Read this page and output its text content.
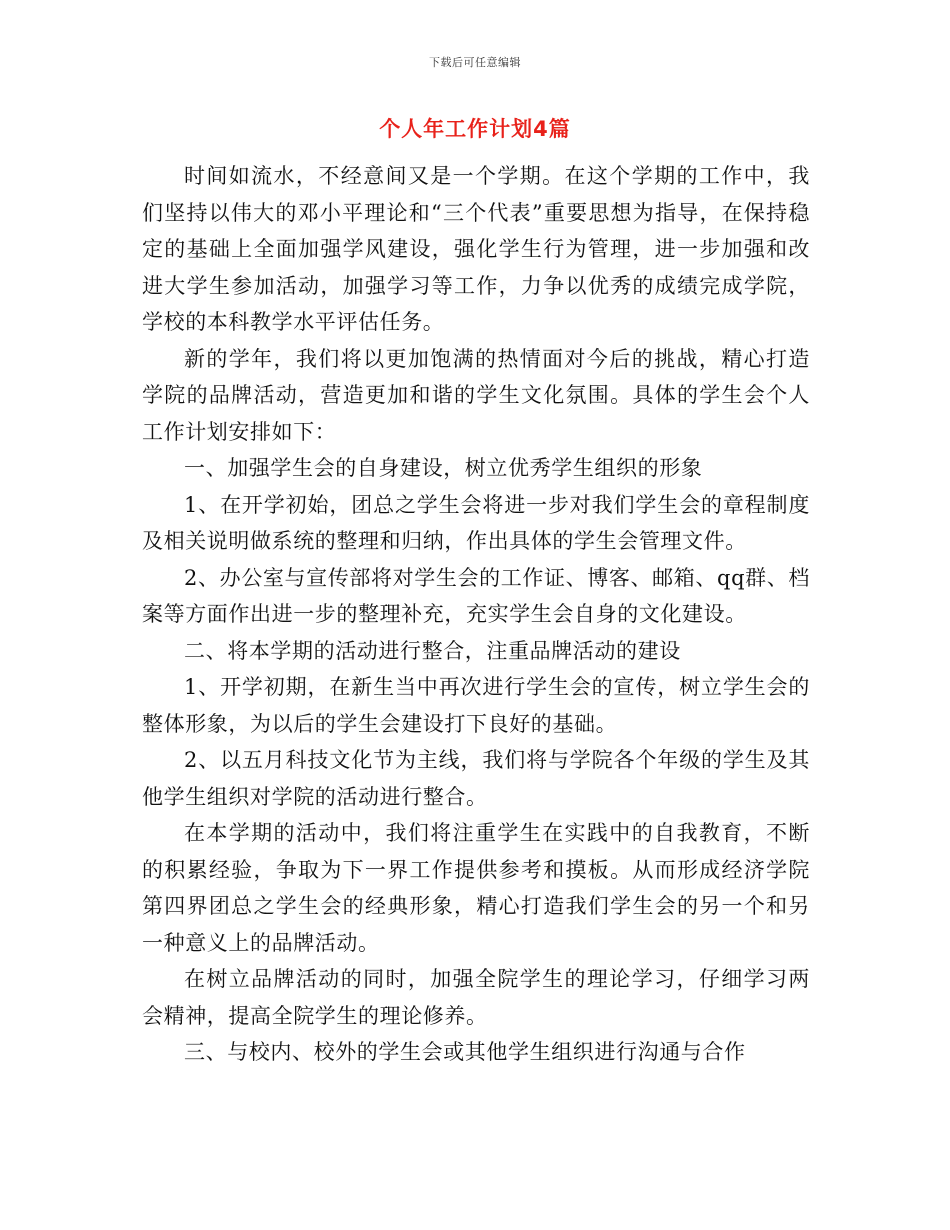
下载后可任意编辑
个人年工作计划4篇

时间如流水，不经意间又是一个学期。在这个学期的工作中，我们坚持以伟大的邓小平理论和“三个代表”重要思想为指导，在保持稳定的基础上全面加强学风建设，强化学生行为管理，进一步加强和改进大学生参加活动，加强学习等工作，力争以优秀的成绩完成学院，学校的本科教学水平评估任务。

新的学年，我们将以更加饱满的热情面对今后的挑战，精心打造学院的品牌活动，营造更加和谐的学生文化氛围。具体的学生会个人工作计划安排如下：

一、加强学生会的自身建设，树立优秀学生组织的形象

1、在开学初始，团总之学生会将进一步对我们学生会的章程制度及相关说明做系统的整理和归纳，作出具体的学生会管理文件。

2、办公室与宣传部将对学生会的工作证、博客、邮箱、qq群、档案等方面作出进一步的整理补充，充实学生会自身的文化建设。

二、将本学期的活动进行整合，注重品牌活动的建设

1、开学初期，在新生当中再次进行学生会的宣传，树立学生会的整体形象，为以后的学生会建设打下良好的基础。

2、以五月科技文化节为主线，我们将与学院各个年级的学生及其他学生组织对学院的活动进行整合。

在本学期的活动中，我们将注重学生在实践中的自我教育，不断的积累经验，争取为下一界工作提供参考和摸板。从而形成经济学院第四界团总之学生会的经典形象，精心打造我们学生会的另一个和另一种意义上的品牌活动。

在树立品牌活动的同时，加强全院学生的理论学习，仔细学习两会精神，提高全院学生的理论修养。

三、与校内、校外的学生会或其他学生组织进行沟通与合作
